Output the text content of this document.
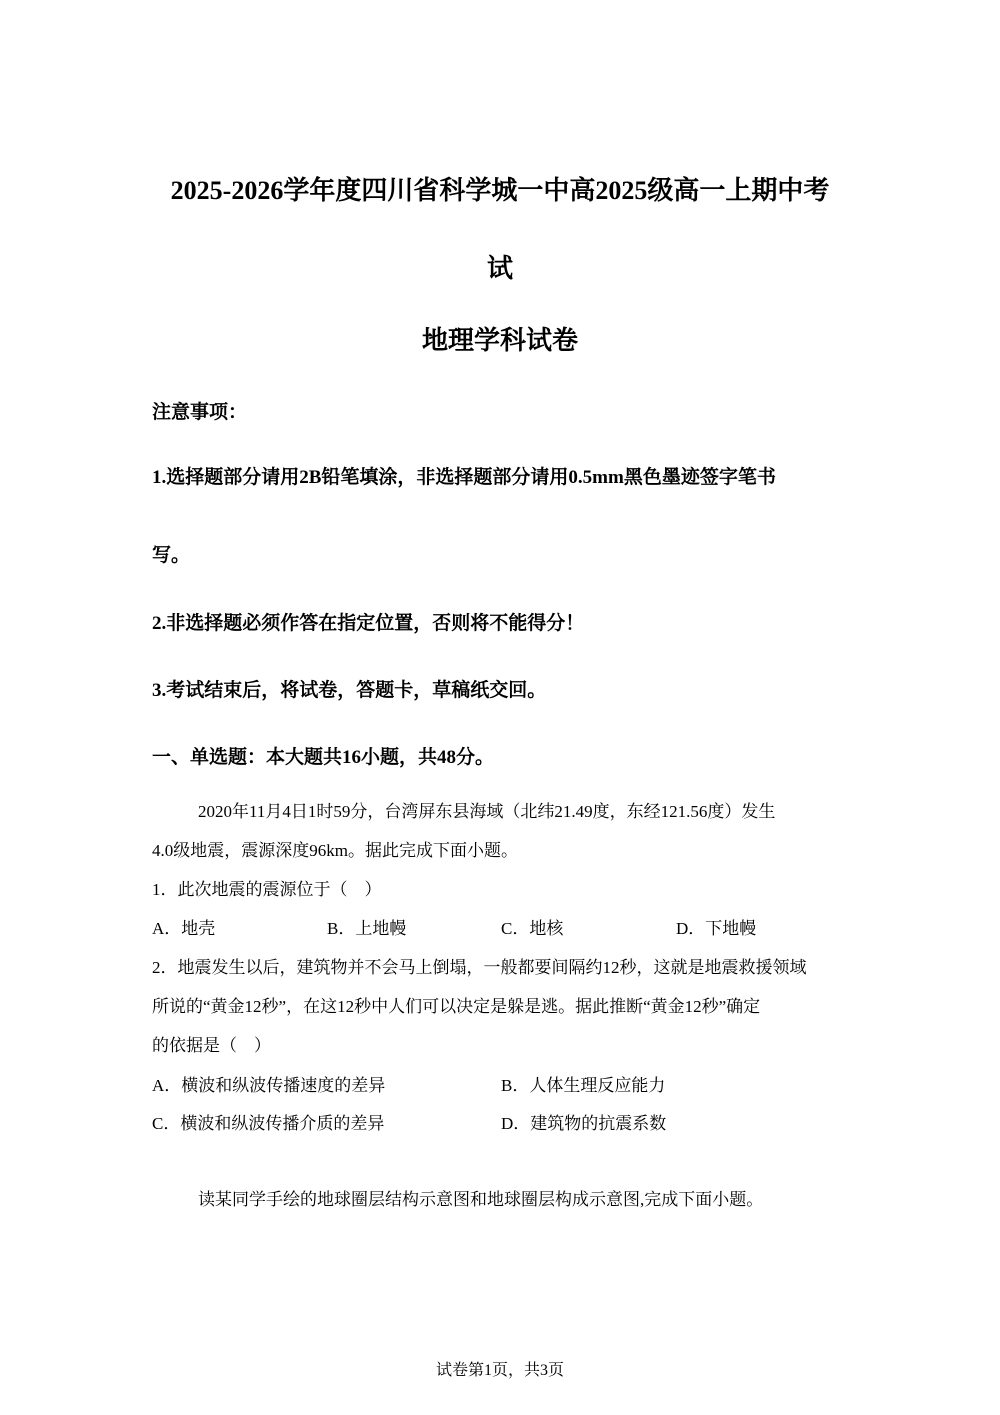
2025-2026学年度四川省科学城一中高2025级高一上期中考
试
地理学科试卷
注意事项：
1.选择题部分请用2B铅笔填涂，非选择题部分请用0.5mm黑色墨迹签字笔书
写。
2.非选择题必须作答在指定位置，否则将不能得分！
3.考试结束后，将试卷，答题卡，草稿纸交回。
一、单选题：本大题共16小题，共48分。
2020年11月4日1时59分，台湾屏东县海域（北纬21.49度，东经121.56度）发生
4.0级地震，震源深度96km。据此完成下面小题。
1．此次地震的震源位于（　）
A．地壳	B．上地幔	C．地核	D．下地幔
2．地震发生以后，建筑物并不会马上倒塌，一般都要间隔约12秒，这就是地震救援领域
所说的“黄金12秒”，在这12秒中人们可以决定是躲是逃。据此推断“黄金12秒”确定
的依据是（　）
A．横波和纵波传播速度的差异	B．人体生理反应能力
C．横波和纵波传播介质的差异	D．建筑物的抗震系数
读某同学手绘的地球圈层结构示意图和地球圈层构成示意图,完成下面小题。
试卷第1页，共3页
